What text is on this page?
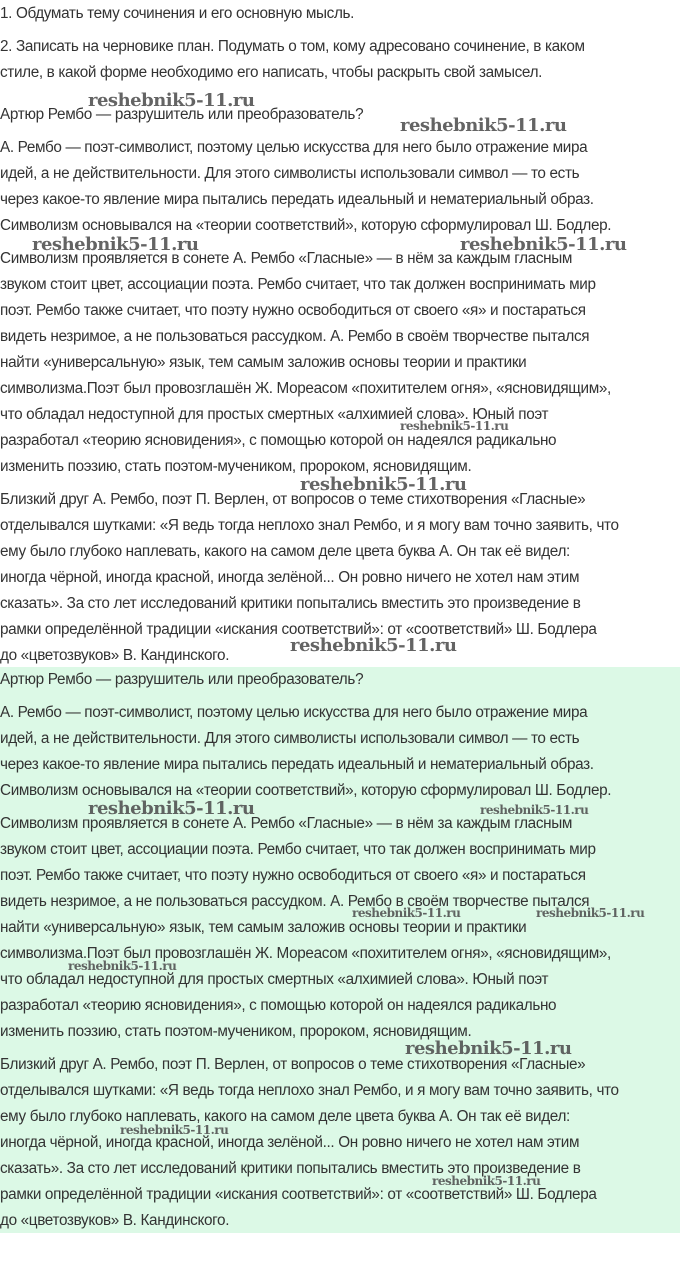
1. Обдумать тему сочинения и его основную мысль.
2. Записать на черновике план. Подумать о том, кому адресовано сочинение, в каком
стиле, в какой форме необходимо его написать, чтобы раскрыть свой замысел.
Артюр Рембо — разрушитель или преобразователь?
А. Рембо — поэт-символист, поэтому целью искусства для него было отражение мира
идей, а не действительности. Для этого символисты использовали символ — то есть
через какое-то явление мира пытались передать идеальный и нематериальный образ.
Символизм основывался на «теории соответствий», которую сформулировал Ш. Бодлер.
Символизм проявляется в сонете А. Рембо «Гласные» — в нём за каждым гласным
звуком стоит цвет, ассоциации поэта. Рембо считает, что так должен воспринимать мир
поэт. Рембо также считает, что поэту нужно освободиться от своего «я» и постараться
видеть незримое, а не пользоваться рассудком. А. Рембо в своём творчестве пытался
найти «универсальную» язык, тем самым заложив основы теории и практики
символизма.Поэт был провозглашён Ж. Мореасом «похитителем огня», «ясновидящим»,
что обладал недоступной для простых смертных «алхимией слова». Юный поэт
разработал «теорию ясновидения», с помощью которой он надеялся радикально
изменить поэзию, стать поэтом-мучеником, пророком, ясновидящим.
Близкий друг А. Рембо, поэт П. Верлен, от вопросов о теме стихотворения «Гласные»
отделывался шутками: «Я ведь тогда неплохо знал Рембо, и я могу вам точно заявить, что
ему было глубоко наплевать, какого на самом деле цвета буква А. Он так её видел:
иногда чёрной, иногда красной, иногда зелёной... Он ровно ничего не хотел нам этим
сказать». За сто лет исследований критики попытались вместить это произведение в
рамки определённой традиции «искания соответствий»: от «соответствий» Ш. Бодлера
до «цветозвуков» В. Кандинского.
Артюр Рембо — разрушитель или преобразователь?
А. Рембо — поэт-символист, поэтому целью искусства для него было отражение мира
идей, а не действительности. Для этого символисты использовали символ — то есть
через какое-то явление мира пытались передать идеальный и нематериальный образ.
Символизм основывался на «теории соответствий», которую сформулировал Ш. Бодлер.
Символизм проявляется в сонете А. Рембо «Гласные» — в нём за каждым гласным
звуком стоит цвет, ассоциации поэта. Рембо считает, что так должен воспринимать мир
поэт. Рембо также считает, что поэту нужно освободиться от своего «я» и постараться
видеть незримое, а не пользоваться рассудком. А. Рембо в своём творчестве пытался
найти «универсальную» язык, тем самым заложив основы теории и практики
символизма.Поэт был провозглашён Ж. Мореасом «похитителем огня», «ясновидящим»,
что обладал недоступной для простых смертных «алхимией слова». Юный поэт
разработал «теорию ясновидения», с помощью которой он надеялся радикально
изменить поэзию, стать поэтом-мучеником, пророком, ясновидящим.
Близкий друг А. Рембо, поэт П. Верлен, от вопросов о теме стихотворения «Гласные»
отделывался шутками: «Я ведь тогда неплохо знал Рембо, и я могу вам точно заявить, что
ему было глубоко наплевать, какого на самом деле цвета буква А. Он так её видел:
иногда чёрной, иногда красной, иногда зелёной... Он ровно ничего не хотел нам этим
сказать». За сто лет исследований критики попытались вместить это произведение в
рамки определённой традиции «искания соответствий»: от «соответствий» Ш. Бодлера
до «цветозвуков» В. Кандинского.
reshebnik5-11.ru
reshebnik5-11.ru
reshebnik5-11.ru	reshebnik5-11.ru
reshebnik5-11.ru
reshebnik5-11.ru
reshebnik5-11.ru
reshebnik5-11.ru	reshebnik5-11.ru
reshebnik5-11.ru	reshebnik5-11.ru
reshebnik5-11.ru
reshebnik5-11.ru
reshebnik5-11.ru
reshebnik5-11.ru
